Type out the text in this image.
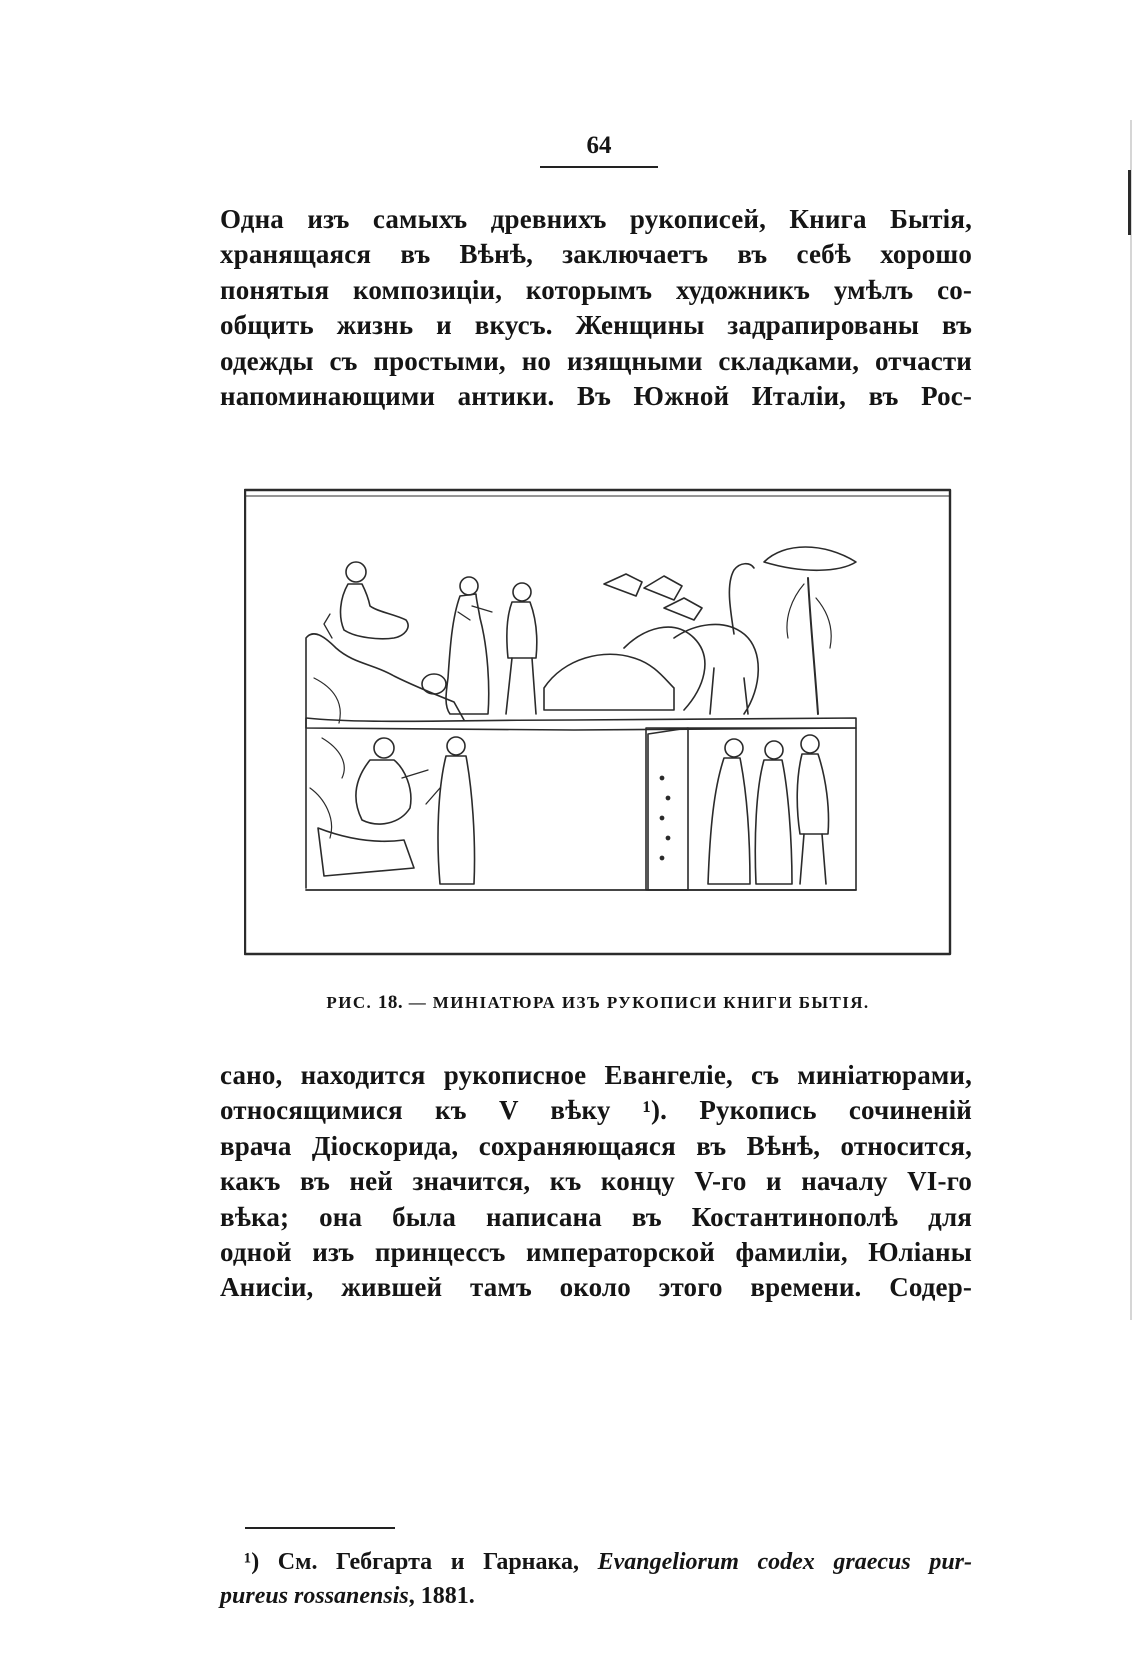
64
Одна изъ самыхъ древнихъ рукописей, Книга Бытія,
хранящаяся въ Вѣнѣ, заключаетъ въ себѣ хорошо
понятыя композиціи, которымъ художникъ умѣлъ со-
общить жизнь и вкусъ. Женщины задрапированы въ
одежды съ простыми, но изящными складками, отчасти
напоминающими антики. Въ Южной Италіи, въ Рос-
РИС. 18. — МИНІАТЮРА ИЗЪ РУКОПИСИ КНИГИ БЫТІЯ.
сано, находится рукописное Евангеліе, съ миніатюрами,
относящимися къ V вѣку ¹). Рукопись сочиненій
врача Діоскорида, сохраняющаяся въ Вѣнѣ, относится,
какъ въ ней значится, къ концу V-го и началу VI-го
вѣка; она была написана въ Костантинополѣ для
одной изъ принцессъ императорской фамиліи, Юліаны
Анисіи, жившей тамъ около этого времени. Содер-
¹) См. Гебгарта и Гарнака, Evangeliorum codex graecus pur-
pureus rossanensis, 1881.
